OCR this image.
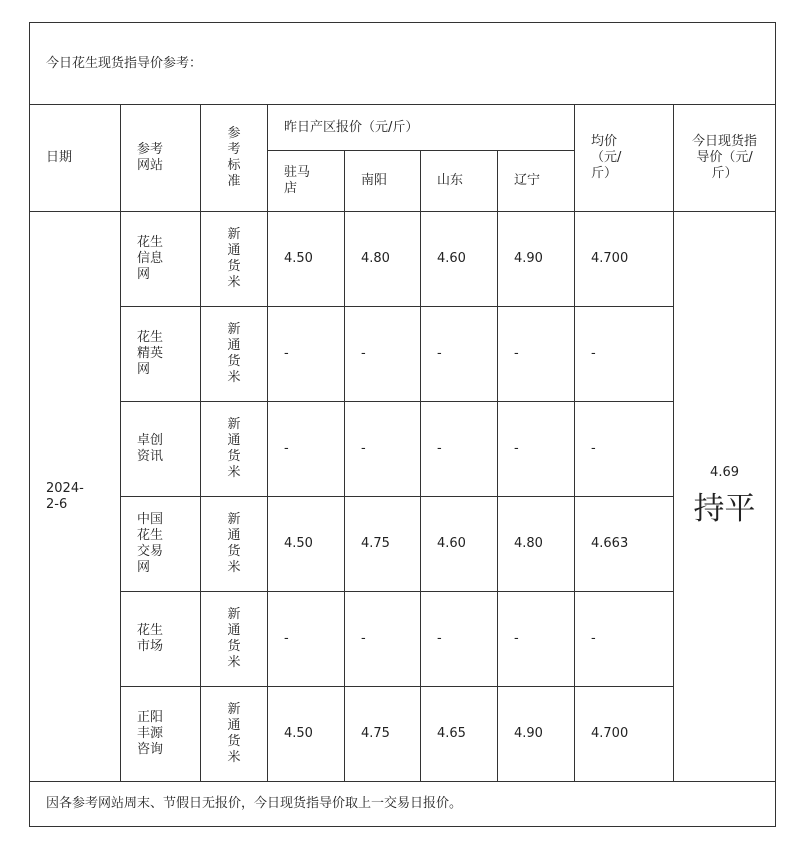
今日花生现货指导价参考：								
日期	参考网站	参考标准	昨日产区报价（元/斤）				均价（元/斤）	今日现货指导价（元/斤）
			驻马店	南阳	山东	辽宁		
2024-2-6	花生信息网	新通货米	4.50	4.80	4.60	4.90	4.700	4.69
持平

	花生精英网	新通货米	-	-	-	-	-	
	卓创资讯	新通货米	-	-	-	-	-	
	中国花生交易网	新通货米	4.50	4.75	4.60	4.80	4.663	
	花生市场	新通货米	-	-	-	-	-	
	正阳丰源咨询	新通货米	4.50	4.75	4.65	4.90	4.700	
因各参考网站周末、节假日无报价，今日现货指导价取上一交易日报价。								
